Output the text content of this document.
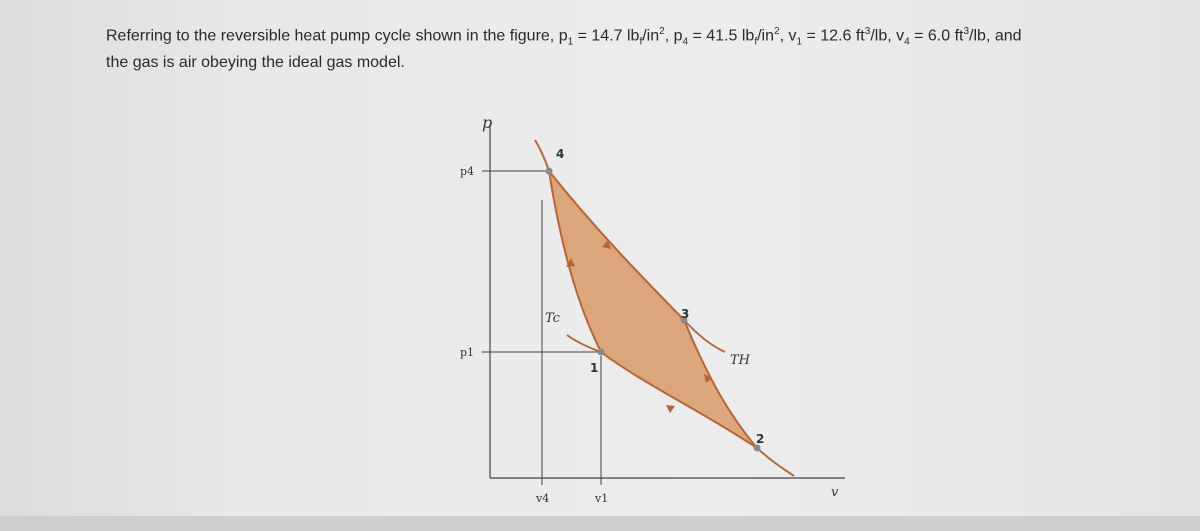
Referring to the reversible heat pump cycle shown in the figure, $p_1 = 14.7$ $lb_f/in^2$, $p_4 = 41.5$ $lb_f/in^2$, $v_1 = 12.6$ $ft^3/lb$, $v_4 = 6.0$ $ft^3/lb$, and
the gas is air obeying the ideal gas model.
p
v
p4
p1
v4	v1
4
3
1
2
Tc
TH
